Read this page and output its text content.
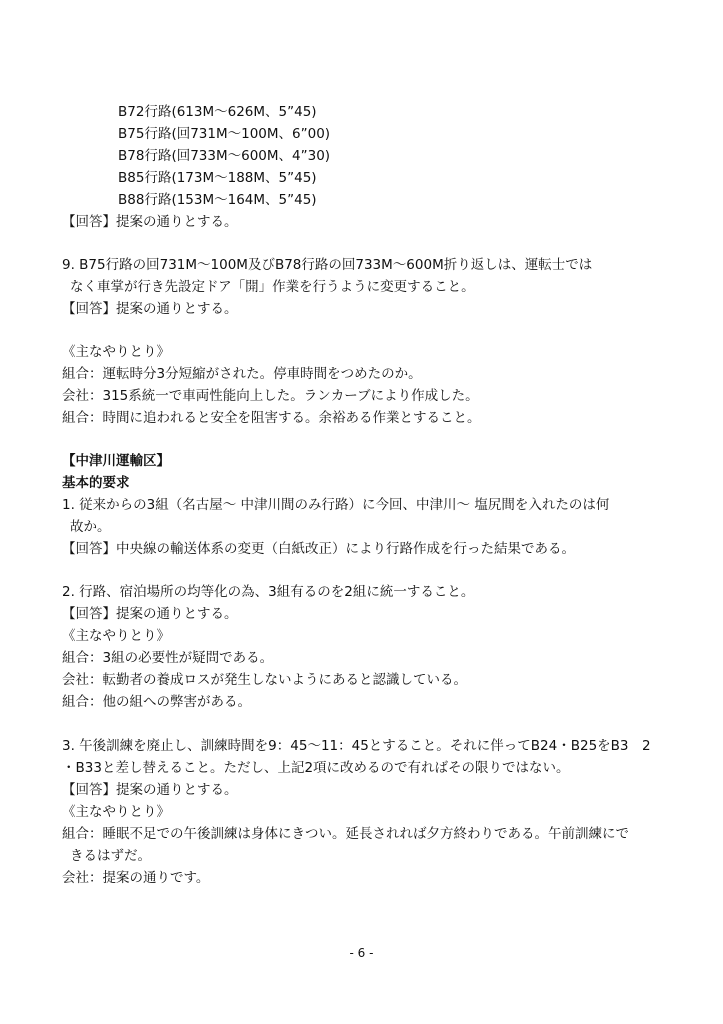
B72行路(613M〜626M、5”45)
B75行路(回731M〜100M、6”00)
B78行路(回733M〜600M、4”30)
B85行路(173M〜188M、5”45)
B88行路(153M〜164M、5”45)
【回答】提案の通りとする。
9. B75行路の回731M〜100M及びB78行路の回733M〜600M折り返しは、運転士では
なく車掌が行き先設定ドア「開」作業を行うように変更すること。
【回答】提案の通りとする。
《主なやりとり》
組合：運転時分3分短縮がされた。停車時間をつめたのか。
会社：315系統一で車両性能向上した。ランカーブにより作成した。
組合：時間に追われると安全を阻害する。余裕ある作業とすること。
【中津川運輸区】
基本的要求
1. 従来からの3組（名古屋〜 中津川間のみ行路）に今回、中津川〜 塩尻間を入れたのは何
故か。
【回答】中央線の輸送体系の変更（白紙改正）により行路作成を行った結果である。
2. 行路、宿泊場所の均等化の為、3組有るのを2組に統一すること。
【回答】提案の通りとする。
《主なやりとり》
組合：3組の必要性が疑問である。
会社：転勤者の養成ロスが発生しないようにあると認識している。
組合：他の組への弊害がある。
3. 午後訓練を廃止し、訓練時間を9：45〜11：45とすること。それに伴ってB24・B25をB3　2
・B33と差し替えること。ただし、上記2項に改めるので有ればその限りではない。
【回答】提案の通りとする。
《主なやりとり》
組合：睡眠不足での午後訓練は身体にきつい。延長されれば夕方終わりである。午前訓練にで
きるはずだ。
会社：提案の通りです。
- 6 -
